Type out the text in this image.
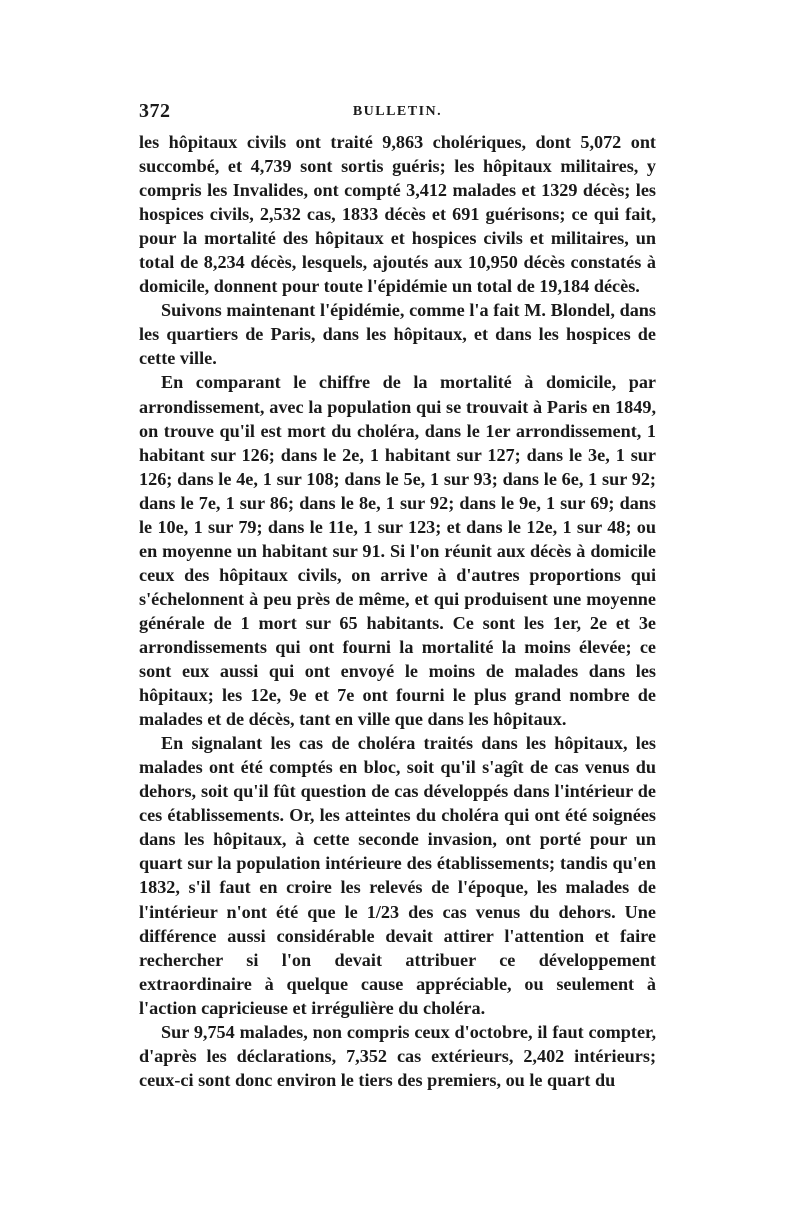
372	BULLETIN.

les hôpitaux civils ont traité 9,863 cholériques, dont 5,072 ont succombé, et 4,739 sont sortis guéris; les hôpitaux militaires, y compris les Invalides, ont compté 3,412 malades et 1329 décès; les hospices civils, 2,532 cas, 1833 décès et 691 guérisons; ce qui fait, pour la mortalité des hôpitaux et hospices civils et militaires, un total de 8,234 décès, lesquels, ajoutés aux 10,950 décès constatés à domicile, donnent pour toute l'épidémie un total de 19,184 décès.

Suivons maintenant l'épidémie, comme l'a fait M. Blondel, dans les quartiers de Paris, dans les hôpitaux, et dans les hospices de cette ville.

En comparant le chiffre de la mortalité à domicile, par arrondissement, avec la population qui se trouvait à Paris en 1849, on trouve qu'il est mort du choléra, dans le 1er arrondissement, 1 habitant sur 126; dans le 2e, 1 habitant sur 127; dans le 3e, 1 sur 126; dans le 4e, 1 sur 108; dans le 5e, 1 sur 93; dans le 6e, 1 sur 92; dans le 7e, 1 sur 86; dans le 8e, 1 sur 92; dans le 9e, 1 sur 69; dans le 10e, 1 sur 79; dans le 11e, 1 sur 123; et dans le 12e, 1 sur 48; ou en moyenne un habitant sur 91. Si l'on réunit aux décès à domicile ceux des hôpitaux civils, on arrive à d'autres proportions qui s'échelonnent à peu près de même, et qui produisent une moyenne générale de 1 mort sur 65 habitants. Ce sont les 1er, 2e et 3e arrondissements qui ont fourni la mortalité la moins élevée; ce sont eux aussi qui ont envoyé le moins de malades dans les hôpitaux; les 12e, 9e et 7e ont fourni le plus grand nombre de malades et de décès, tant en ville que dans les hôpitaux.

En signalant les cas de choléra traités dans les hôpitaux, les malades ont été comptés en bloc, soit qu'il s'agît de cas venus du dehors, soit qu'il fût question de cas développés dans l'intérieur de ces établissements. Or, les atteintes du choléra qui ont été soignées dans les hôpitaux, à cette seconde invasion, ont porté pour un quart sur la population intérieure des établissements; tandis qu'en 1832, s'il faut en croire les relevés de l'époque, les malades de l'intérieur n'ont été que le 1/23 des cas venus du dehors. Une différence aussi considérable devait attirer l'attention et faire rechercher si l'on devait attribuer ce développement extraordinaire à quelque cause appréciable, ou seulement à l'action capricieuse et irrégulière du choléra.

Sur 9,754 malades, non compris ceux d'octobre, il faut compter, d'après les déclarations, 7,352 cas extérieurs, 2,402 intérieurs; ceux-ci sont donc environ le tiers des premiers, ou le quart du
